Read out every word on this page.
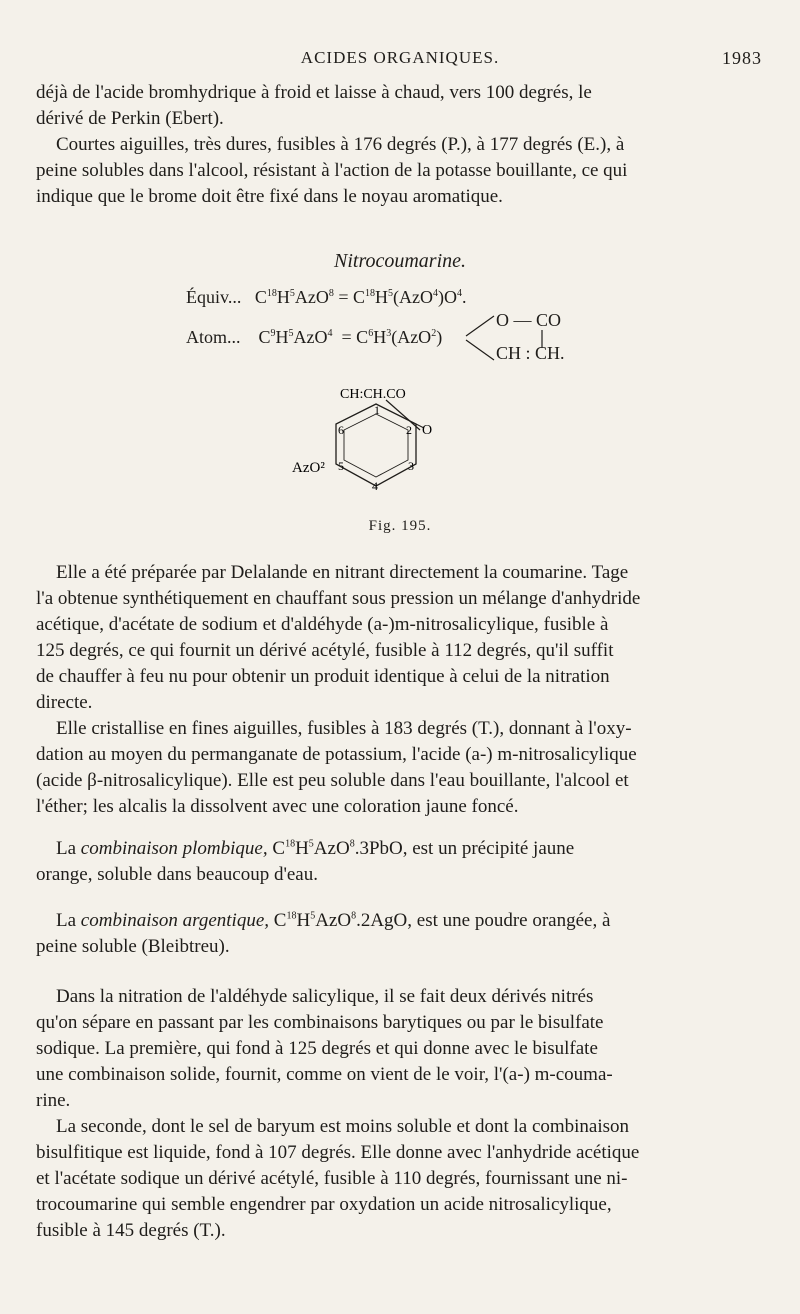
ACIDES ORGANIQUES.	1983
déjà de l'acide bromhydrique à froid et laisse à chaud, vers 100 degrés, le
dérivé de Perkin (Ebert).
Courtes aiguilles, très dures, fusibles à 176 degrés (P.), à 177 degrés (E.), à
peine solubles dans l'alcool, résistant à l'action de la potasse bouillante, ce qui
indique que le brome doit être fixé dans le noyau aromatique.
Nitrocoumarine.
Équiv...   $C^{18}H^5AzO^8 = C^{18}H^5(AzO^4)O^4$.
Atom...    $C^9H^5AzO^4 = C^6H^3(AzO^2)$
O — CO
CH : CH.
CH:CH.CO
1
2
3
4
5
6	O
AzO²
Fig. 195.
Elle a été préparée par Delalande en nitrant directement la coumarine. Tage
l'a obtenue synthétiquement en chauffant sous pression un mélange d'anhydride
acétique, d'acétate de sodium et d'aldéhyde (a-)m-nitrosalicylique, fusible à
125 degrés, ce qui fournit un dérivé acétylé, fusible à 112 degrés, qu'il suffit
de chauffer à feu nu pour obtenir un produit identique à celui de la nitration
directe.
Elle cristallise en fines aiguilles, fusibles à 183 degrés (T.), donnant à l'oxy-
dation au moyen du permanganate de potassium, l'acide (a-) m-nitrosalicylique
(acide β-nitrosalicylique). Elle est peu soluble dans l'eau bouillante, l'alcool et
l'éther; les alcalis la dissolvent avec une coloration jaune foncé.
La combinaison plombique, $C^{18}H^5AzO^8.3PbO$, est un précipité jaune
orange, soluble dans beaucoup d'eau.
La combinaison argentique, $C^{18}H^5AzO^8.2AgO$, est une poudre orangée, à
peine soluble (Bleibtreu).
Dans la nitration de l'aldéhyde salicylique, il se fait deux dérivés nitrés
qu'on sépare en passant par les combinaisons barytiques ou par le bisulfate
sodique. La première, qui fond à 125 degrés et qui donne avec le bisulfate
une combinaison solide, fournit, comme on vient de le voir, l'(a-) m-couma-
rine.
La seconde, dont le sel de baryum est moins soluble et dont la combinaison
bisulfitique est liquide, fond à 107 degrés. Elle donne avec l'anhydride acétique
et l'acétate sodique un dérivé acétylé, fusible à 110 degrés, fournissant une ni-
trocoumarine qui semble engendrer par oxydation un acide nitrosalicylique,
fusible à 145 degrés (T.).
